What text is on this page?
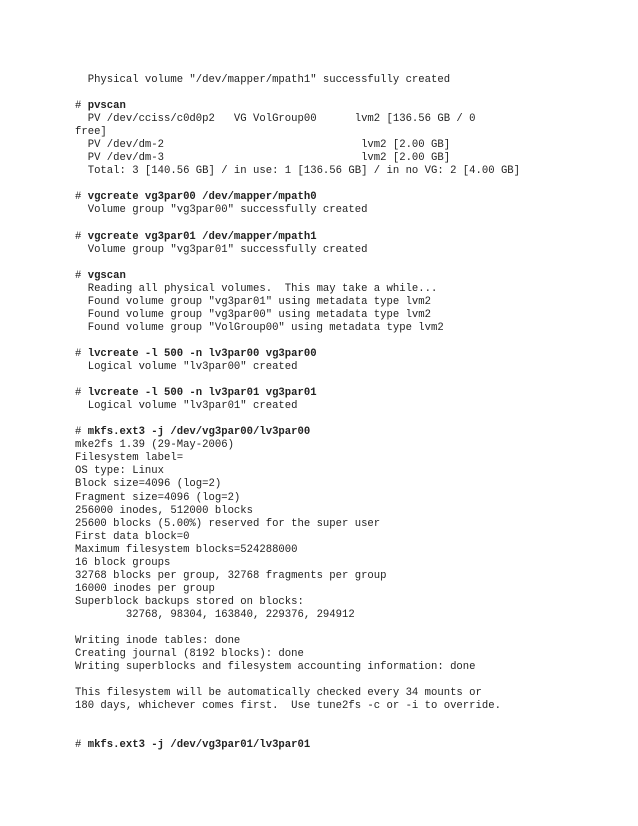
Physical volume "/dev/mapper/mpath1" successfully created
# pvscan
PV /dev/cciss/c0d0p2   VG VolGroup00      lvm2 [136.56 GB / 0
free]
PV /dev/dm-2                               lvm2 [2.00 GB]
PV /dev/dm-3                               lvm2 [2.00 GB]
Total: 3 [140.56 GB] / in use: 1 [136.56 GB] / in no VG: 2 [4.00 GB]
# vgcreate vg3par00 /dev/mapper/mpath0
Volume group "vg3par00" successfully created
# vgcreate vg3par01 /dev/mapper/mpath1
Volume group "vg3par01" successfully created
# vgscan
Reading all physical volumes.  This may take a while...
Found volume group "vg3par01" using metadata type lvm2
Found volume group "vg3par00" using metadata type lvm2
Found volume group "VolGroup00" using metadata type lvm2
# lvcreate -l 500 -n lv3par00 vg3par00
Logical volume "lv3par00" created
# lvcreate -l 500 -n lv3par01 vg3par01
Logical volume "lv3par01" created
# mkfs.ext3 -j /dev/vg3par00/lv3par00
mke2fs 1.39 (29-May-2006)
Filesystem label=
OS type: Linux
Block size=4096 (log=2)
Fragment size=4096 (log=2)
256000 inodes, 512000 blocks
25600 blocks (5.00%) reserved for the super user
First data block=0
Maximum filesystem blocks=524288000
16 block groups
32768 blocks per group, 32768 fragments per group
16000 inodes per group
Superblock backups stored on blocks:
32768, 98304, 163840, 229376, 294912
Writing inode tables: done
Creating journal (8192 blocks): done
Writing superblocks and filesystem accounting information: done
This filesystem will be automatically checked every 34 mounts or
180 days, whichever comes first.  Use tune2fs -c or -i to override.
# mkfs.ext3 -j /dev/vg3par01/lv3par01
